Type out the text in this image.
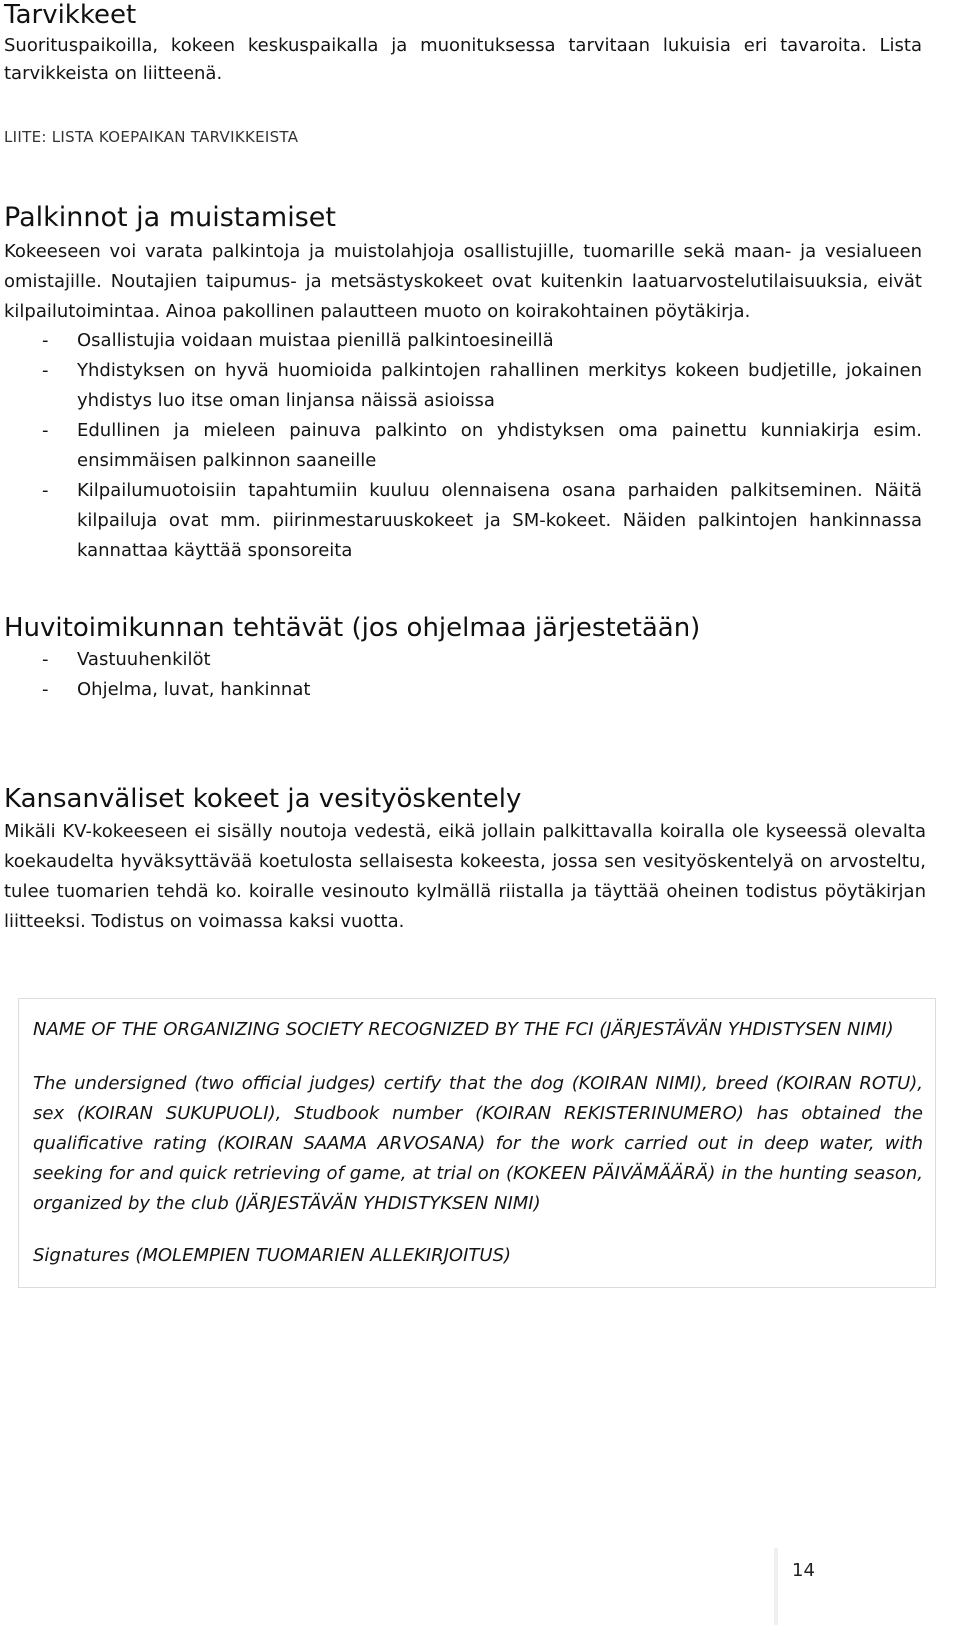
Tarvikkeet

Suorituspaikoilla, kokeen keskuspaikalla ja muonituksessa tarvitaan lukuisia eri tavaroita. Lista tarvikkeista on liitteenä.

LIITE: LISTA KOEPAIKAN TARVIKKEISTA
Palkinnot ja muistamiset

Kokeeseen voi varata palkintoja ja muistolahjoja osallistujille, tuomarille sekä maan- ja vesialueen omistajille. Noutajien taipumus- ja metsästyskokeet ovat kuitenkin laatuarvostelutilaisuuksia, eivät kilpailutoimintaa. Ainoa pakollinen palautteen muoto on koirakohtainen pöytäkirja.

- Osallistujia voidaan muistaa pienillä palkintoesineillä
- Yhdistyksen on hyvä huomioida palkintojen rahallinen merkitys kokeen budjetille, jokainen yhdistys luo itse oman linjansa näissä asioissa
- Edullinen ja mieleen painuva palkinto on yhdistyksen oma painettu kunniakirja esim. ensimmäisen palkinnon saaneille
- Kilpailumuotoisiin tapahtumiin kuuluu olennaisena osana parhaiden palkitseminen. Näitä kilpailuja ovat mm. piirinmestaruuskokeet ja SM-kokeet. Näiden palkintojen hankinnassa kannattaa käyttää sponsoreita
Huvitoimikunnan tehtävät (jos ohjelmaa järjestetään)
- Vastuuhenkilöt
- Ohjelma, luvat, hankinnat
Kansanväliset kokeet ja vesityöskentely

Mikäli KV-kokeeseen ei sisälly noutoja vedestä, eikä jollain palkittavalla koiralla ole kyseessä olevalta koekaudelta hyväksyttävää koetulosta sellaisesta kokeesta, jossa sen vesityöskentelyä on arvosteltu, tulee tuomarien tehdä ko. koiralle vesinouto kylmällä riistalla ja täyttää oheinen todistus pöytäkirjan liitteeksi. Todistus on voimassa kaksi vuotta.

NAME OF THE ORGANIZING SOCIETY RECOGNIZED BY THE FCI (JÄRJESTÄVÄN YHDISTYSEN NIMI)

The undersigned (two official judges) certify that the dog (KOIRAN NIMI), breed (KOIRAN ROTU), sex (KOIRAN SUKUPUOLI), Studbook number (KOIRAN REKISTERINUMERO) has obtained the qualificative rating (KOIRAN SAAMA ARVOSANA) for the work carried out in deep water, with seeking for and quick retrieving of game, at trial on (KOKEEN PÄIVÄMÄÄRÄ) in the hunting season, organized by the club (JÄRJESTÄVÄN YHDISTYKSEN NIMI)

Signatures (MOLEMPIEN TUOMARIEN ALLEKIRJOITUS)

14
